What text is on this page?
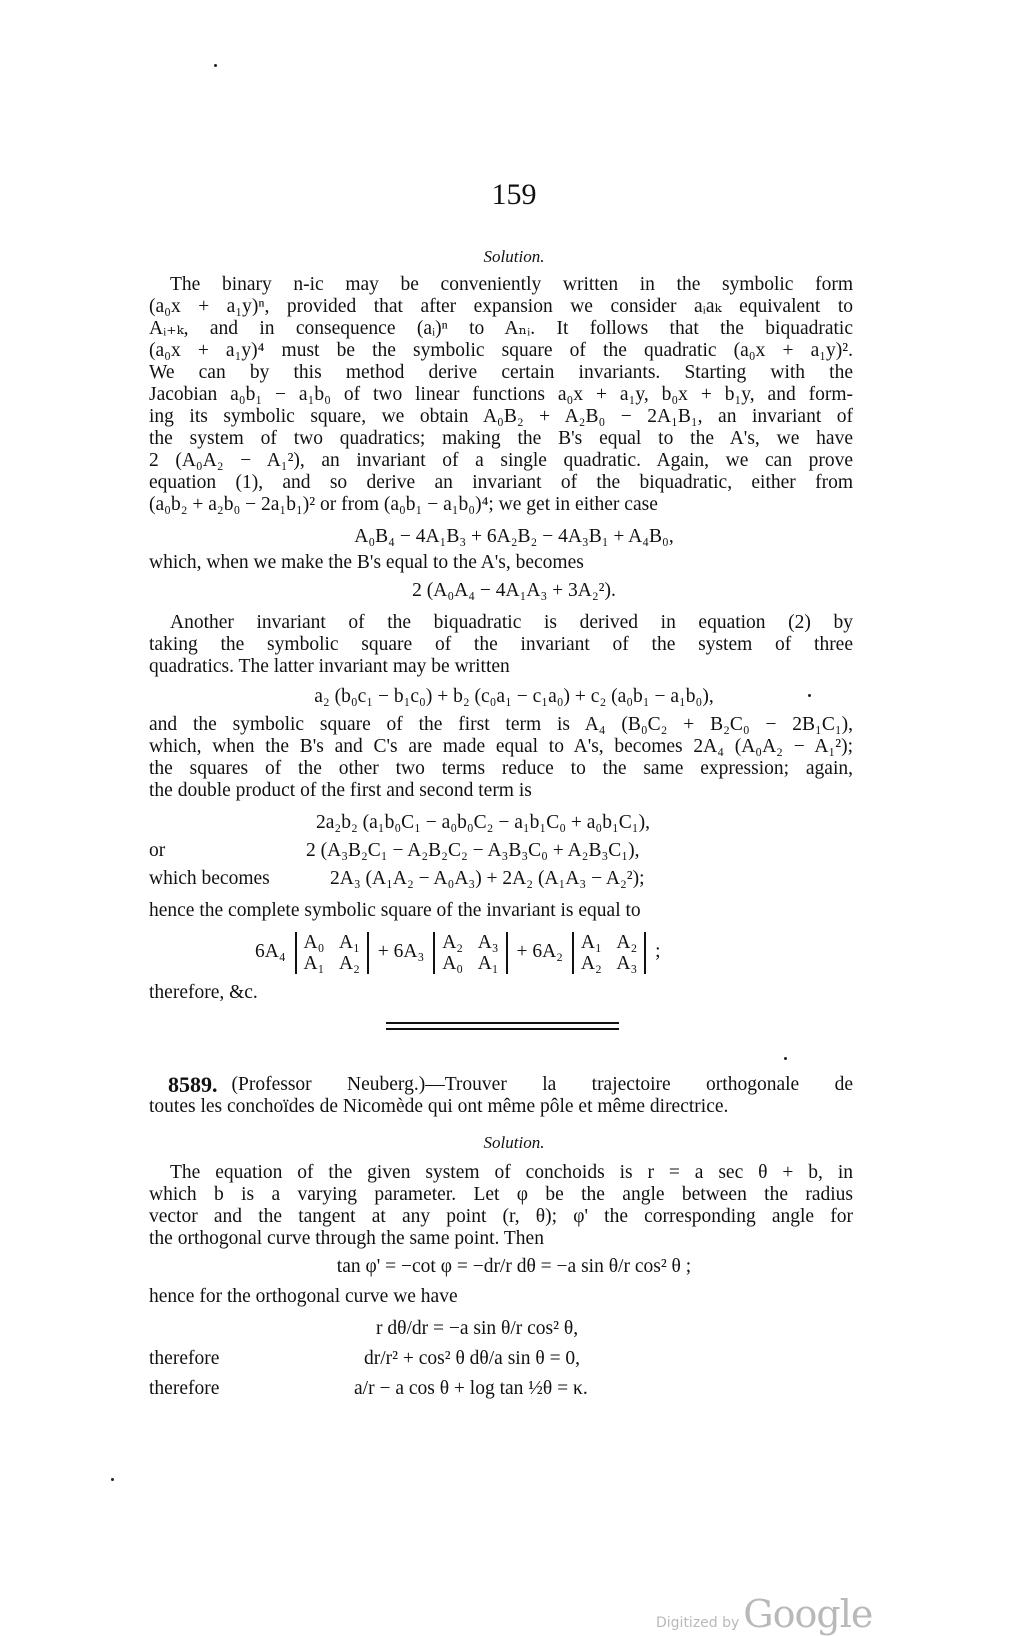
159
Solution.
The binary n-ic may be conveniently written in the symbolic form
(a₀x + a₁y)ⁿ, provided that after expansion we consider aᵢaₖ equivalent to
Aᵢ₊ₖ, and in consequence (aᵢ)ⁿ to Aₙᵢ. It follows that the biquadratic
(a₀x + a₁y)⁴ must be the symbolic square of the quadratic (a₀x + a₁y)².
We can by this method derive certain invariants. Starting with the
Jacobian a₀b₁ − a₁b₀ of two linear functions a₀x + a₁y, b₀x + b₁y, and form-
ing its symbolic square, we obtain A₀B₂ + A₂B₀ − 2A₁B₁, an invariant of
the system of two quadratics; making the B's equal to the A's, we have
2 (A₀A₂ − A₁²), an invariant of a single quadratic. Again, we can prove
equation (1), and so derive an invariant of the biquadratic, either from
(a₀b₂ + a₂b₀ − 2a₁b₁)² or from (a₀b₁ − a₁b₀)⁴; we get in either case
A₀B₄ − 4A₁B₃ + 6A₂B₂ − 4A₃B₁ + A₄B₀,
which, when we make the B's equal to the A's, becomes
2 (A₀A₄ − 4A₁A₃ + 3A₂²).
Another invariant of the biquadratic is derived in equation (2) by
taking the symbolic square of the invariant of the system of three
quadratics. The latter invariant may be written
a₂ (b₀c₁ − b₁c₀) + b₂ (c₀a₁ − c₁a₀) + c₂ (a₀b₁ − a₁b₀),
and the symbolic square of the first term is A₄ (B₀C₂ + B₂C₀ − 2B₁C₁),
which, when the B's and C's are made equal to A's, becomes 2A₄ (A₀A₂ − A₁²);
the squares of the other two terms reduce to the same expression; again,
the double product of the first and second term is
2a₂b₂ (a₁b₀C₁ − a₀b₀C₂ − a₁b₁C₀ + a₀b₁C₁),
or	2 (A₃B₂C₁ − A₂B₂C₂ − A₃B₃C₀ + A₂B₃C₁),
which becomes	2A₃ (A₁A₂ − A₀A₃) + 2A₂ (A₁A₃ − A₂²);
hence the complete symbolic square of the invariant is equal to
6A₄ A₀ A₁
A₁ A₂
+ 6A₃ A₂ A₃
A₀ A₁
+ 6A₂ A₁ A₂
A₂ A₃
;
therefore, &c.
8589. (Professor Neuberg.)—Trouver la trajectoire orthogonale de
toutes les conchoïdes de Nicomède qui ont même pôle et même directrice.
Solution.
The equation of the given system of conchoids is r = a sec θ + b, in
which b is a varying parameter. Let φ be the angle between the radius
vector and the tangent at any point (r, θ); φ' the corresponding angle for
the orthogonal curve through the same point. Then
tan φ' = −cot φ = −dr/r dθ = −a sin θ/r cos² θ ;
hence for the orthogonal curve we have
r dθ/dr = −a sin θ/r cos² θ,
therefore	dr/r² + cos² θ dθ/a sin θ = 0,
therefore	a/r − a cos θ + log tan ½θ = κ.
Digitized by Google
